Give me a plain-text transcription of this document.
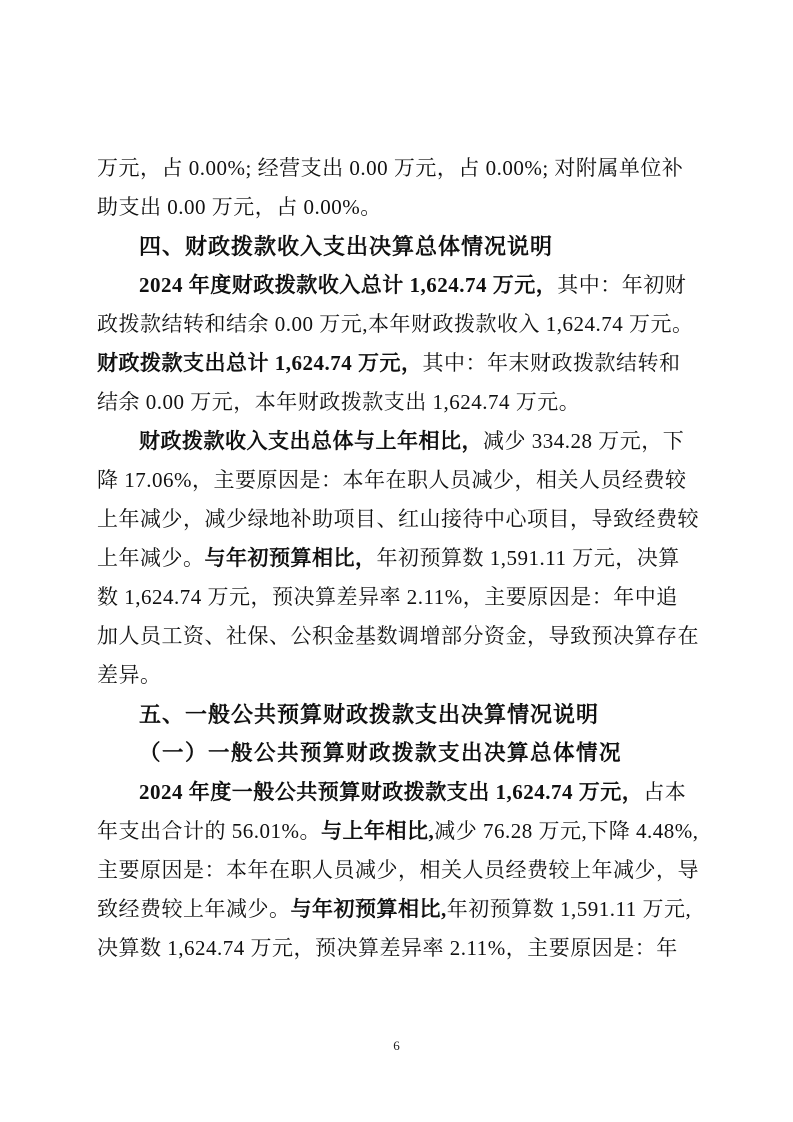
万元，占 0.00%; 经营支出 0.00 万元，占 0.00%; 对附属单位补
助支出 0.00 万元，占 0.00%。
四、财政拨款收入支出决算总体情况说明
2024 年度财政拨款收入总计 1,624.74 万元，其中：年初财
政拨款结转和结余 0.00 万元,本年财政拨款收入 1,624.74 万元。
财政拨款支出总计 1,624.74 万元，其中：年末财政拨款结转和
结余 0.00 万元，本年财政拨款支出 1,624.74 万元。
财政拨款收入支出总体与上年相比，减少 334.28 万元，下
降 17.06%，主要原因是：本年在职人员减少，相关人员经费较
上年减少，减少绿地补助项目、红山接待中心项目，导致经费较
上年减少。与年初预算相比，年初预算数 1,591.11 万元，决算
数 1,624.74 万元，预决算差异率 2.11%，主要原因是：年中追
加人员工资、社保、公积金基数调增部分资金，导致预决算存在
差异。
五、一般公共预算财政拨款支出决算情况说明
（一）一般公共预算财政拨款支出决算总体情况
2024 年度一般公共预算财政拨款支出 1,624.74 万元，占本
年支出合计的 56.01%。与上年相比,减少 76.28 万元,下降 4.48%,
主要原因是：本年在职人员减少，相关人员经费较上年减少，导
致经费较上年减少。与年初预算相比,年初预算数 1,591.11 万元,
决算数 1,624.74 万元，预决算差异率 2.11%，主要原因是：年
6
